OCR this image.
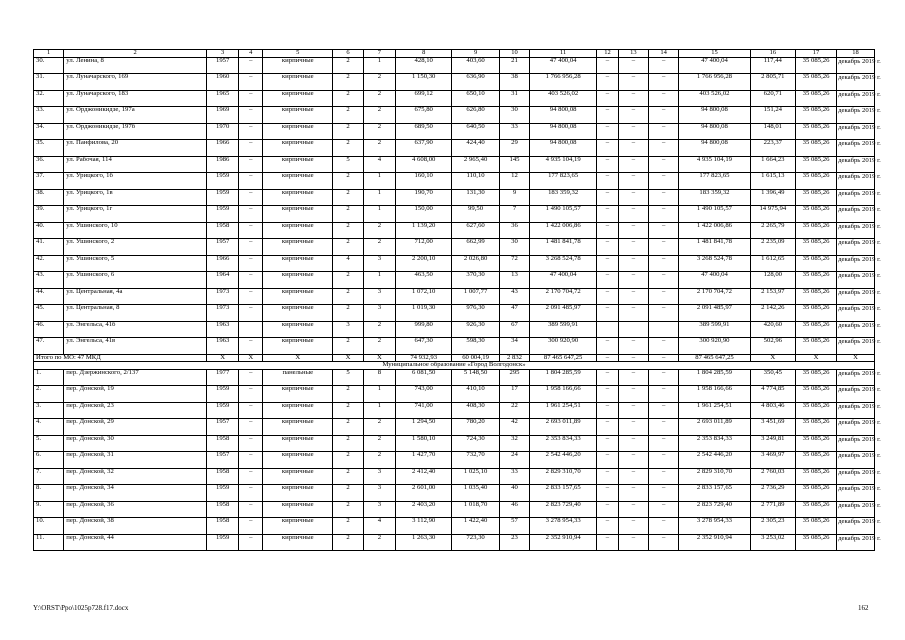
1	2	3	4	5	6	7	8	9	10	11	12	13	14	15	16	17	18
30.	ул. Ленина, 8	1957	–	кирпичные	2	1	428,10	403,60	21	47 400,04	–	–	–	47 400,04	117,44	35 085,26	декабрь 2019 г.
31.	ул. Луначарского, 169	1960	–	кирпичные	2	2	1 150,30	636,90	38	1 766 956,28	–	–	–	1 766 956,28	2 805,71	35 085,26	декабрь 2019 г.
32.	ул. Луначарского, 183	1965	–	кирпичные	2	2	699,12	650,10	31	403 526,02	–	–	–	403 526,02	620,71	35 085,26	декабрь 2019 г.
33.	ул. Орджоникидзе, 197а	1969	–	кирпичные	2	2	675,80	626,80	30	94 800,08	–	–	–	94 800,08	151,24	35 085,26	декабрь 2019 г.
34.	ул. Орджоникидзе, 197б	1970	–	кирпичные	2	2	689,50	640,50	33	94 800,08	–	–	–	94 800,08	148,01	35 085,26	декабрь 2019 г.
35.	ул. Панфилова, 20	1966	–	кирпичные	2	2	637,90	424,40	29	94 800,08	–	–	–	94 800,08	223,37	35 085,26	декабрь 2019 г.
36.	ул. Рабочая, 114	1986	–	кирпичные	5	4	4 608,00	2 965,40	145	4 935 104,19	–	–	–	4 935 104,19	1 664,23	35 085,26	декабрь 2019 г.
37.	ул. Урицкого, 1б	1959	–	кирпичные	2	1	160,10	110,10	12	177 823,65	–	–	–	177 823,65	1 615,13	35 085,26	декабрь 2019 г.
38.	ул. Урицкого, 1в	1959	–	кирпичные	2	1	190,70	131,30	9	183 359,32	–	–	–	183 359,32	1 396,49	35 085,26	декабрь 2019 г.
39.	ул. Урицкого, 1г	1959	–	кирпичные	2	1	150,00	99,50	7	1 490 105,57	–	–	–	1 490 105,57	14 975,94	35 085,26	декабрь 2019 г.
40.	ул. Ушинского, 10	1958	–	кирпичные	2	2	1 139,20	627,60	36	1 422 006,86	–	–	–	1 422 006,86	2 265,79	35 085,26	декабрь 2019 г.
41.	ул. Ушинского, 2	1957	–	кирпичные	2	2	712,00	662,99	30	1 481 841,78	–	–	–	1 481 841,78	2 235,09	35 085,26	декабрь 2019 г.
42.	ул. Ушинского, 5	1966	–	кирпичные	4	3	2 200,10	2 026,80	72	3 268 524,78	–	–	–	3 268 524,78	1 612,65	35 085,26	декабрь 2019 г.
43.	ул. Ушинского, 6	1964	–	кирпичные	2	1	463,50	370,30	13	47 400,04	–	–	–	47 400,04	128,00	35 085,26	декабрь 2019 г.
44.	ул. Центральная, 4а	1973	–	кирпичные	2	3	1 072,10	1 007,77	43	2 170 704,72	–	–	–	2 170 704,72	2 153,97	35 085,26	декабрь 2019 г.
45.	ул. Центральная, 8	1973	–	кирпичные	2	3	1 019,30	976,30	47	2 091 485,97	–	–	–	2 091 485,97	2 142,26	35 085,26	декабрь 2019 г.
46.	ул. Энгельса, 41б	1963		кирпичные	3	2	999,80	926,30	67	389 599,91				389 599,91	420,60	35 085,26	декабрь 2019 г.
47.	ул. Энгельса, 41в	1963	–	кирпичные	2	2	647,30	598,30	34	300 920,90	–	–	–	300 920,90	502,96	35 085,26	декабрь 2019 г.
Итого по МО: 47 МКД		X	X	X	X	X	74 932,93	60 004,19	2 832	87 465 647,25	–	–	–	87 465 647,25	X	X	X
Муниципальное образование «Город Волгодонск»																	
1.	пер. Дзержинского, 2/137	1977	–	панельные	5	8	6 081,50	5 148,50	295	1 804 285,59	–	–	–	1 804 285,59	350,45	35 085,26	декабрь 2019 г.
2.	пер. Донской, 19	1959	–	кирпичные	2	1	743,00	410,10	17	1 958 166,66	–	–	–	1 958 166,66	4 774,85	35 085,26	декабрь 2019 г.
3.	пер. Донской, 23	1959	–	кирпичные	2	1	741,00	408,30	22	1 961 254,51	–	–	–	1 961 254,51	4 803,46	35 085,26	декабрь 2019 г.
4.	пер. Донской, 29	1957	–	кирпичные	2	2	1 294,50	780,20	42	2 693 011,89	–	–	–	2 693 011,89	3 451,69	35 085,26	декабрь 2019 г.
5.	пер. Донской, 30	1958	–	кирпичные	2	2	1 580,10	724,30	32	2 353 834,33	–	–	–	2 353 834,33	3 249,81	35 085,26	декабрь 2019 г.
6.	пер. Донской, 31	1957	–	кирпичные	2	2	1 427,70	732,70	24	2 542 446,20	–	–	–	2 542 446,20	3 469,97	35 085,26	декабрь 2019 г.
7.	пер. Донской, 32	1958	–	кирпичные	2	3	2 412,40	1 025,10	33	2 829 310,70	–	–	–	2 829 310,70	2 760,03	35 085,26	декабрь 2019 г.
8.	пер. Донской, 34	1959	–	кирпичные	2	3	2 601,00	1 035,40	40	2 833 157,65	–	–	–	2 833 157,65	2 736,29	35 085,26	декабрь 2019 г.
9.	пер. Донской, 36	1958	–	кирпичные	2	3	2 403,20	1 018,70	46	2 823 729,40	–	–	–	2 823 729,40	2 771,89	35 085,26	декабрь 2019 г.
10.	пер. Донской, 38	1958	–	кирпичные	2	4	3 112,90	1 422,40	57	3 278 954,33	–	–	–	3 278 954,33	2 305,23	35 085,26	декабрь 2019 г.
11.	пер. Донской, 44	1959	–	кирпичные	2	2	1 263,30	723,30	23	2 352 910,94	–	–	–	2 352 910,94	3 253,02	35 085,26	декабрь 2019 г.
Y:\ORST\Ppo\1025p728.f17.docx	162
